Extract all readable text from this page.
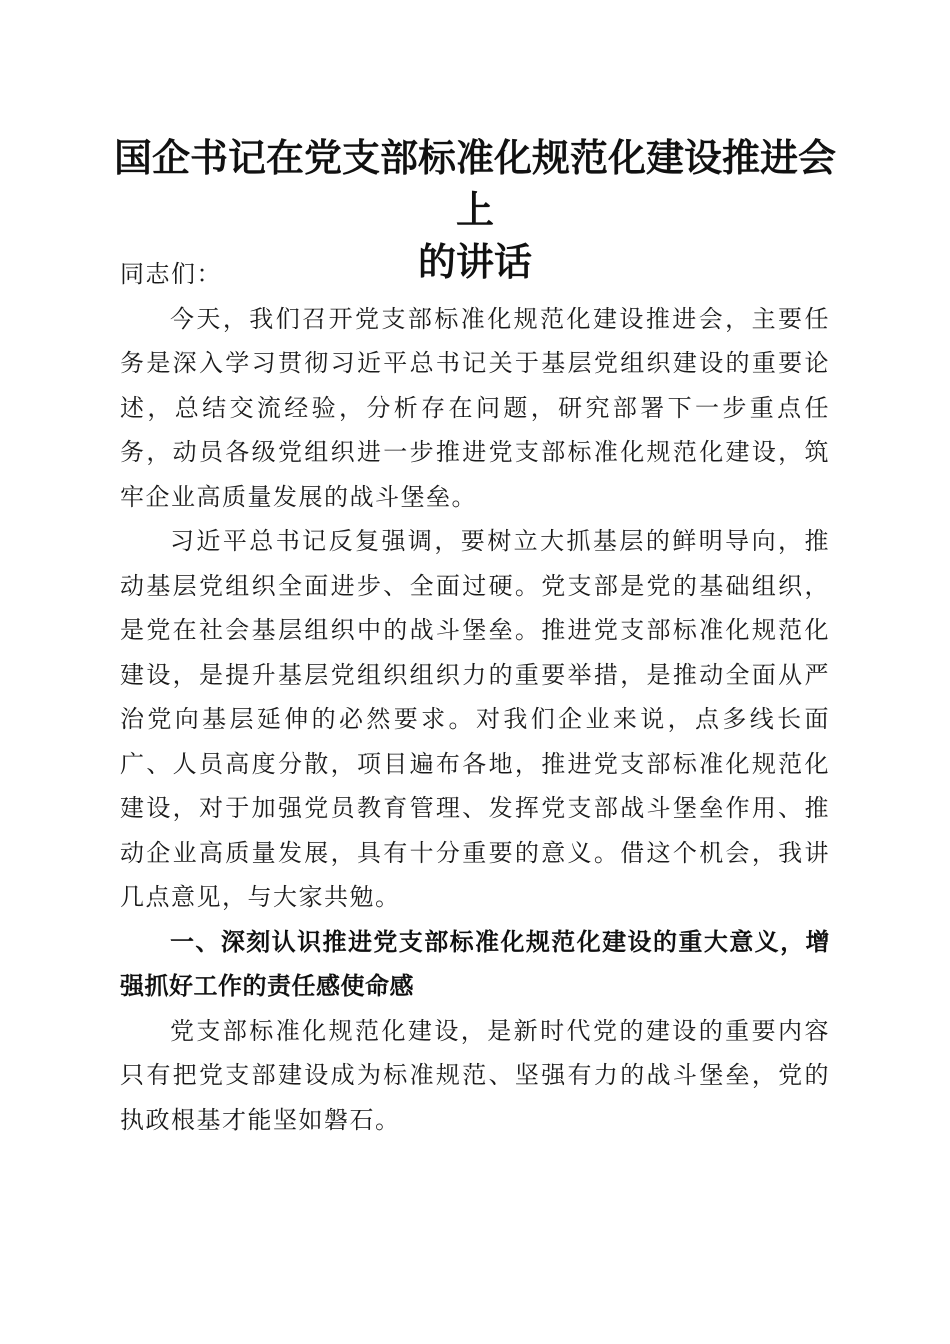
国企书记在党支部标准化规范化建设推进会上
的讲话

同志们：

今天，我们召开党支部标准化规范化建设推进会，主要任务是深入学习贯彻习近平总书记关于基层党组织建设的重要论述，总结交流经验，分析存在问题，研究部署下一步重点任务，动员各级党组织进一步推进党支部标准化规范化建设，筑牢企业高质量发展的战斗堡垒。

习近平总书记反复强调，要树立大抓基层的鲜明导向，推动基层党组织全面进步、全面过硬。党支部是党的基础组织，是党在社会基层组织中的战斗堡垒。推进党支部标准化规范化建设，是提升基层党组织组织力的重要举措，是推动全面从严治党向基层延伸的必然要求。对我们企业来说，点多线长面广、人员高度分散，项目遍布各地，推进党支部标准化规范化建设，对于加强党员教育管理、发挥党支部战斗堡垒作用、推动企业高质量发展，具有十分重要的意义。借这个机会，我讲几点意见，与大家共勉。

一、深刻认识推进党支部标准化规范化建设的重大意义，增强抓好工作的责任感使命感

党支部标准化规范化建设，是新时代党的建设的重要内容只有把党支部建设成为标准规范、坚强有力的战斗堡垒，党的执政根基才能坚如磐石。
